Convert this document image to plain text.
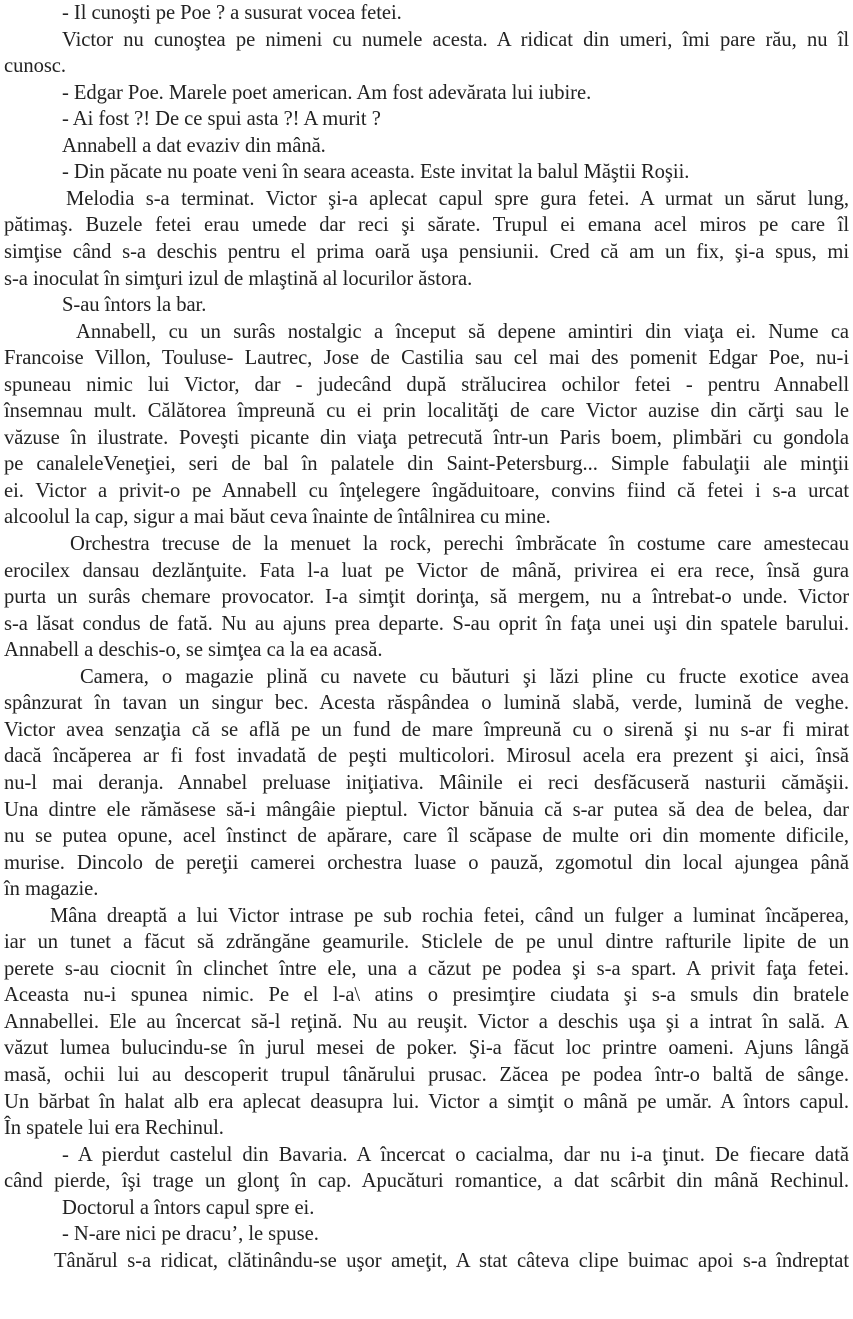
- Il cunoşti pe Poe ? a susurat vocea fetei.
Victor nu cunoştea pe nimeni cu numele acesta. A ridicat din umeri, îmi pare rău, nu îl
cunosc.
- Edgar Poe. Marele poet american. Am fost adevărata lui iubire.
- Ai fost ?! De ce spui asta ?! A murit ?
Annabell a dat evaziv din mână.
- Din păcate nu poate veni în seara aceasta. Este invitat la balul Măştii Roşii.
Melodia s-a terminat. Victor şi-a aplecat capul spre gura fetei. A urmat un sărut lung,
pătimaş. Buzele fetei erau umede dar reci şi sărate. Trupul ei emana acel miros pe care îl
simţise când s-a deschis pentru el prima oară uşa pensiunii. Cred că am un fix, şi-a spus, mi
s-a inoculat în simţuri izul de mlaştină al locurilor ăstora.
S-au întors la bar.
Annabell, cu un surâs nostalgic a început să depene amintiri din viaţa ei. Nume ca
Francoise Villon, Toulusе- Lautrec, Jose de Castilia sau cel mai des pomenit Edgar Poe, nu-i
spuneau nimic lui Victor, dar - judecând după strălucirea ochilor fetei - pentru Annabell
însemnau mult. Călătorea împreună cu ei prin localităţi de care Victor auzise din cărţi sau le
văzuse în ilustrate. Poveşti picante din viaţa petrecută într-un Paris boem, plimbări cu gondola
pe canaleleVeneţiei, seri de bal în palatele din Saint-Petersburg... Simple fabulaţii ale minţii
ei. Victor a privit-o pe Annabell cu înţelegere îngăduitoare, convins fiind că fetei i s-a urcat
alcoolul la cap, sigur a mai băut ceva înainte de întâlnirea cu mine.
Orchestra trecuse de la menuet la rock, perechi îmbrăcate în costume care amestecau
erocilex dansau dezlănţuite. Fata l-a luat pe Victor de mână, privirea ei era rece, însă gura
purta un surâs chemare provocator. I-a simţit dorinţa, să mergem, nu a întrebat-o unde. Victor
s-a lăsat condus de fată. Nu au ajuns prea departe. S-au oprit în faţa unei uşi din spatele barului.
Annabell a deschis-o, se simţea ca la ea acasă.
Camera, o magazie plină cu navete cu băuturi şi lăzi pline cu fructe exotice avea
spânzurat în tavan un singur bec. Acesta răspândea o lumină slabă, verde, lumină de veghe.
Victor avea senzaţia că se află pe un fund de mare împreună cu o sirenă şi nu s-ar fi mirat
dacă încăperea ar fi fost invadată de peşti multicolori. Mirosul acela era prezent şi aici, însă
nu-l mai deranja. Annabel preluase iniţiativa. Mâinile ei reci desfăcuseră nasturii cămăşii.
Una dintre ele rămăsese să-i mângâie pieptul. Victor bănuia că s-ar putea să dea de belea, dar
nu se putea opune, acel înstinct de apărare, care îl scăpase de multe ori din momente dificile,
murise. Dincolo de pereţii camerei orchestra luase o pauză, zgomotul din local ajungea până
în magazie.
Mâna dreaptă a lui Victor intrase pe sub rochia fetei, când un fulger a luminat încăperea,
iar un tunet a făcut să zdrăngăne geamurile. Sticlele de pe unul dintre rafturile lipite de un
perete s-au ciocnit în clinchet între ele, una a căzut pe podea şi s-a spart. A privit faţa fetei.
Aceasta nu-i spunea nimic. Pe el l-a\ atins o presimţire ciudata şi s-a smuls din bratele
Annabellei. Ele au încercat să-l reţină. Nu au reuşit. Victor a deschis uşa şi a intrat în sală. A
văzut lumea bulucindu-se în jurul mesei de poker. Şi-a făcut loc printre oameni. Ajuns lângă
masă, ochii lui au descoperit trupul tânărului prusac. Zăcea pe podea într-o baltă de sânge.
Un bărbat în halat alb era aplecat deasupra lui. Victor a simţit o mână pe umăr. A întors capul.
În spatele lui era Rechinul.
- A pierdut castelul din Bavaria. A încercat o cacialma, dar nu i-a ţinut. De fiecare dată
când pierde, îşi trage un glonţ în cap. Apucături romantice, a dat scârbit din mână Rechinul.
Doctorul a întors capul spre ei.
- N-are nici pe dracu’, le spuse.
Tânărul s-a ridicat, clătinându-se uşor ameţit, A stat câteva clipe buimac apoi s-a îndreptat
